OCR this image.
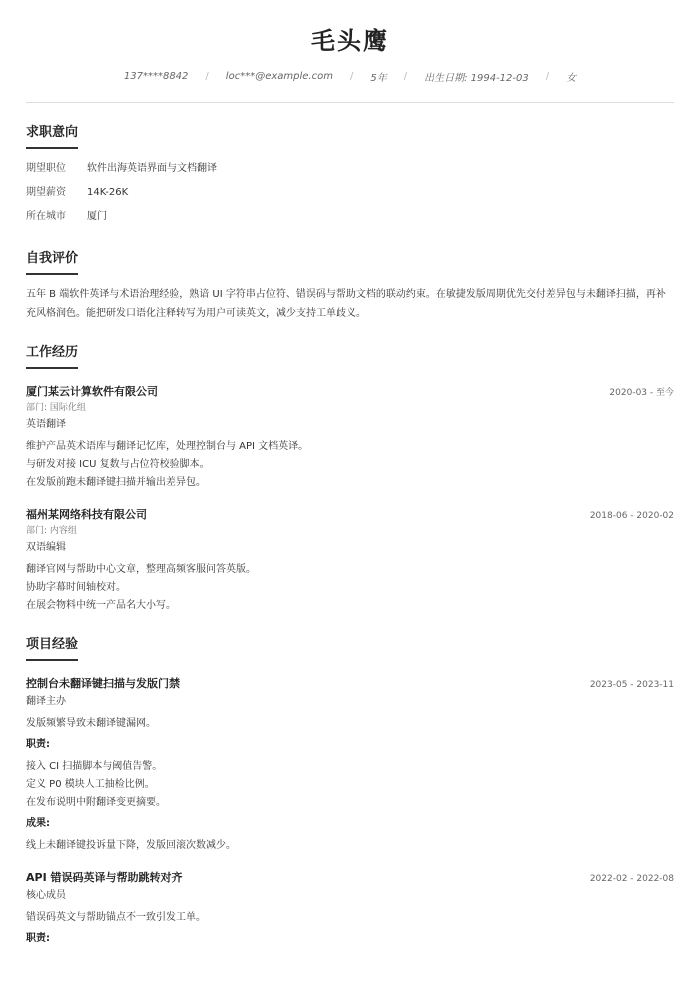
毛头鹰
137****8842 / loc***@example.com / 5年 / 出生日期: 1994-12-03 / 女
求职意向
期望职位	软件出海英语界面与文档翻译
期望薪资	14K-26K
所在城市	厦门
自我评价
五年 B 端软件英译与术语治理经验，熟谙 UI 字符串占位符、错误码与帮助文档的联动约束。在敏捷发版周期优先交付差异包与未翻译扫描，再补充风格润色。能把研发口语化注释转写为用户可读英文，减少支持工单歧义。
工作经历
厦门某云计算软件有限公司	2020-03 - 至今
部门: 国际化组
英语翻译
维护产品英术语库与翻译记忆库，处理控制台与 API 文档英译。
与研发对接 ICU 复数与占位符校验脚本。
在发版前跑未翻译键扫描并输出差异包。
福州某网络科技有限公司	2018-06 - 2020-02
部门: 内容组
双语编辑
翻译官网与帮助中心文章，整理高频客服问答英版。
协助字幕时间轴校对。
在展会物料中统一产品名大小写。
项目经验
控制台未翻译键扫描与发版门禁	2023-05 - 2023-11
翻译主办
发版频繁导致未翻译键漏网。
职责:
接入 CI 扫描脚本与阈值告警。
定义 P0 模块人工抽检比例。
在发布说明中附翻译变更摘要。
成果:
线上未翻译键投诉量下降，发版回滚次数减少。
API 错误码英译与帮助跳转对齐	2022-02 - 2022-08
核心成员
错误码英文与帮助锚点不一致引发工单。
职责:
